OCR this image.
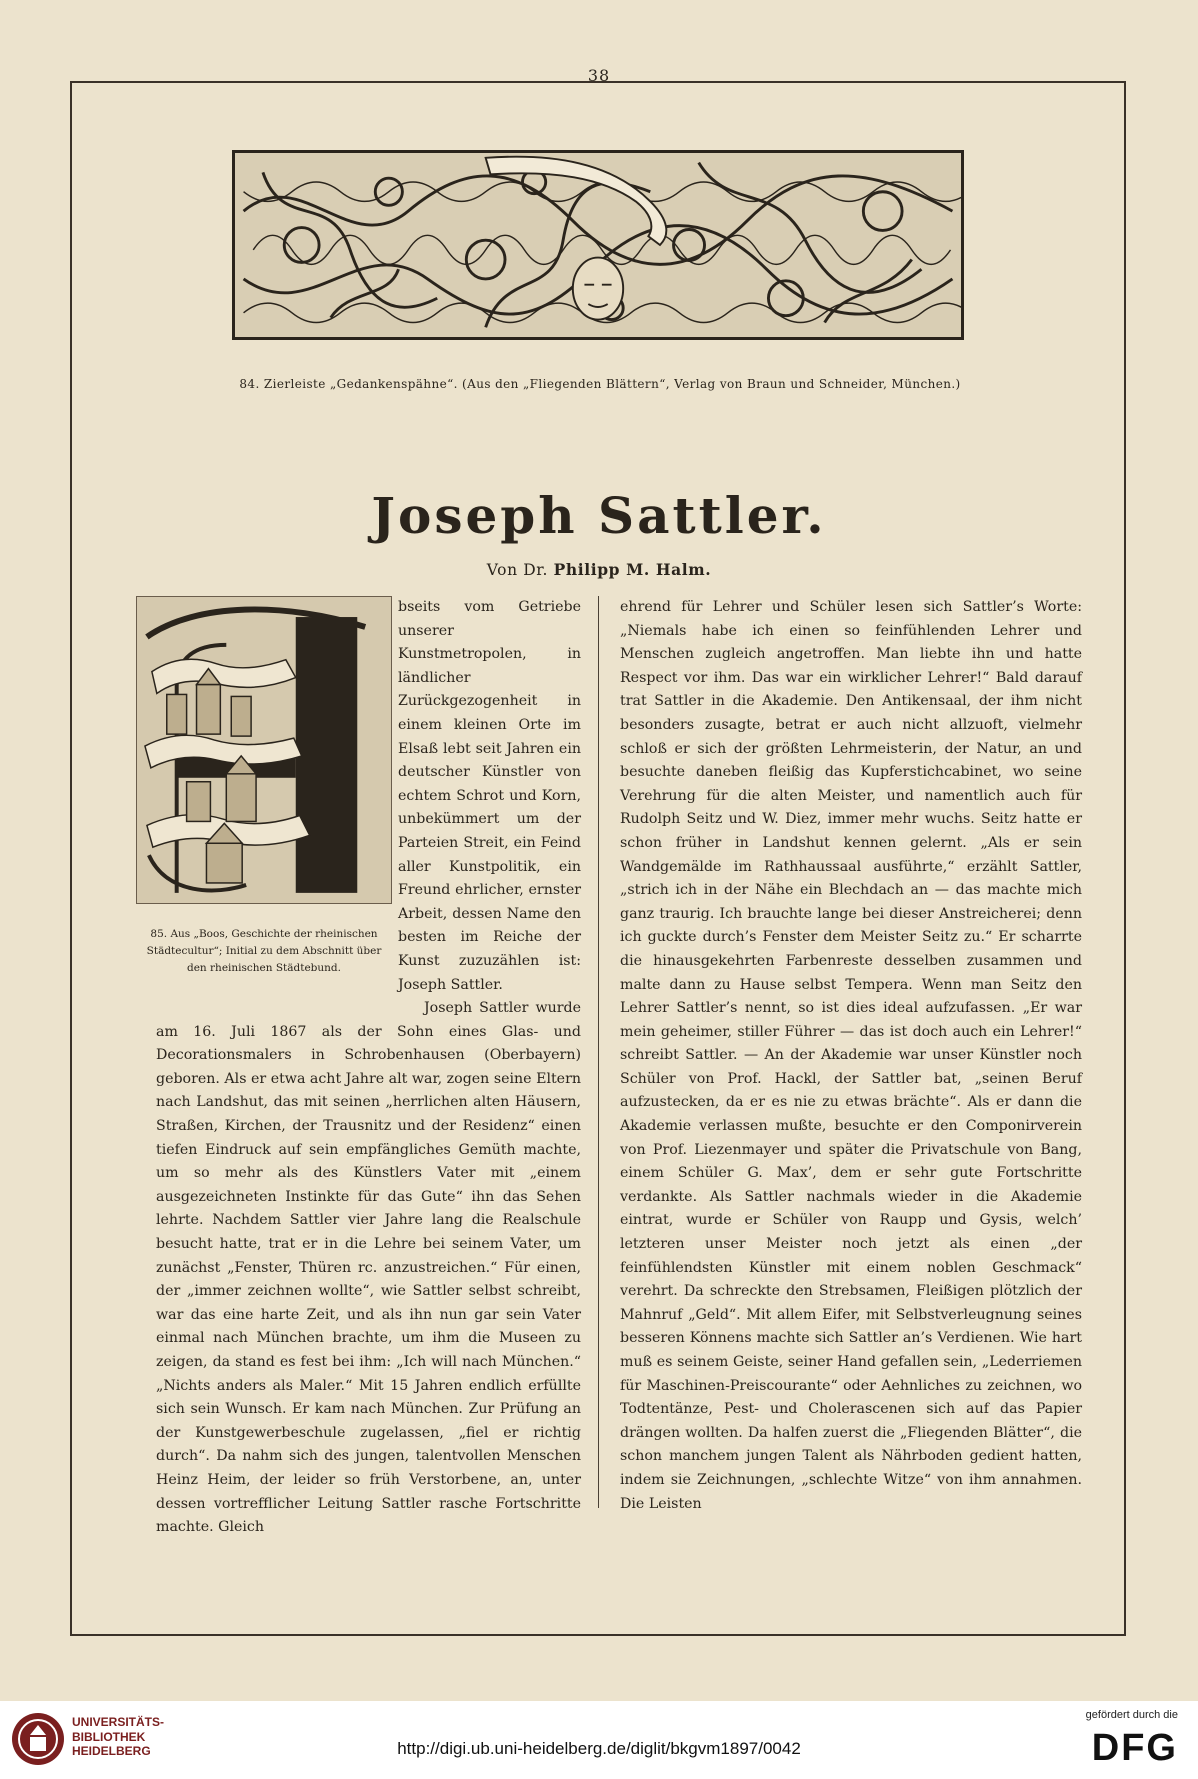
38
84. Zierleiste „Gedankenspähne“. (Aus den „Fliegenden Blättern“, Verlag von Braun und Schneider, München.)
Joseph Sattler.
Von Dr. Philipp M. Halm.
85. Aus „Boos, Geschichte der rheinischen Städtecultur“; Initial zu dem Abschnitt über den rheinischen Städtebund.

bseits vom Getriebe unserer Kunstmetropolen, in ländlicher Zurückgezogenheit in einem kleinen Orte im Elsaß lebt seit Jahren ein deutscher Künstler von echtem Schrot und Korn, unbekümmert um der Parteien Streit, ein Feind aller Kunstpolitik, ein Freund ehrlicher, ernster Arbeit, dessen Name den besten im Reiche der Kunst zuzuzählen ist: Joseph Sattler.

Joseph Sattler wurde am 16. Juli 1867 als der Sohn eines Glas- und Decorationsmalers in Schrobenhausen (Oberbayern) geboren. Als er etwa acht Jahre alt war, zogen seine Eltern nach Landshut, das mit seinen „herrlichen alten Häusern, Straßen, Kirchen, der Trausnitz und der Residenz“ einen tiefen Eindruck auf sein empfängliches Gemüth machte, um so mehr als des Künstlers Vater mit „einem ausgezeichneten Instinkte für das Gute“ ihn das Sehen lehrte. Nachdem Sattler vier Jahre lang die Realschule besucht hatte, trat er in die Lehre bei seinem Vater, um zunächst „Fenster, Thüren rc. anzustreichen.“ Für einen, der „immer zeichnen wollte“, wie Sattler selbst schreibt, war das eine harte Zeit, und als ihn nun gar sein Vater einmal nach München brachte, um ihm die Museen zu zeigen, da stand es fest bei ihm: „Ich will nach München.“ „Nichts anders als Maler.“ Mit 15 Jahren endlich erfüllte sich sein Wunsch. Er kam nach München. Zur Prüfung an der Kunstgewerbeschule zugelassen, „fiel er richtig durch“. Da nahm sich des jungen, talentvollen Menschen Heinz Heim, der leider so früh Verstorbene, an, unter dessen vortrefflicher Leitung Sattler rasche Fortschritte machte. Gleich

ehrend für Lehrer und Schüler lesen sich Sattler’s Worte: „Niemals habe ich einen so feinfühlenden Lehrer und Menschen zugleich angetroffen. Man liebte ihn und hatte Respect vor ihm. Das war ein wirklicher Lehrer!“ Bald darauf trat Sattler in die Akademie. Den Antikensaal, der ihm nicht besonders zusagte, betrat er auch nicht allzuoft, vielmehr schloß er sich der größten Lehrmeisterin, der Natur, an und besuchte daneben fleißig das Kupferstichcabinet, wo seine Verehrung für die alten Meister, und namentlich auch für Rudolph Seitz und W. Diez, immer mehr wuchs. Seitz hatte er schon früher in Landshut kennen gelernt. „Als er sein Wandgemälde im Rathhaussaal ausführte,“ erzählt Sattler, „strich ich in der Nähe ein Blechdach an — das machte mich ganz traurig. Ich brauchte lange bei dieser Anstreicherei; denn ich guckte durch’s Fenster dem Meister Seitz zu.“ Er scharrte die hinausgekehrten Farbenreste desselben zusammen und malte dann zu Hause selbst Tempera. Wenn man Seitz den Lehrer Sattler’s nennt, so ist dies ideal aufzufassen. „Er war mein geheimer, stiller Führer — das ist doch auch ein Lehrer!“ schreibt Sattler. — An der Akademie war unser Künstler noch Schüler von Prof. Hackl, der Sattler bat, „seinen Beruf aufzustecken, da er es nie zu etwas brächte“. Als er dann die Akademie verlassen mußte, besuchte er den Componirverein von Prof. Liezenmayer und später die Privatschule von Bang, einem Schüler G. Max’, dem er sehr gute Fortschritte verdankte. Als Sattler nachmals wieder in die Akademie eintrat, wurde er Schüler von Raupp und Gysis, welch’ letzteren unser Meister noch jetzt als einen „der feinfühlendsten Künstler mit einem noblen Geschmack“ verehrt. Da schreckte den Strebsamen, Fleißigen plötzlich der Mahnruf „Geld“. Mit allem Eifer, mit Selbstverleugnung seines besseren Könnens machte sich Sattler an’s Verdienen. Wie hart muß es seinem Geiste, seiner Hand gefallen sein, „Lederriemen für Maschinen-Preiscourante“ oder Aehnliches zu zeichnen, wo Todtentänze, Pest- und Cholerascenen sich auf das Papier drängen wollten. Da halfen zuerst die „Fliegenden Blätter“, die schon manchem jungen Talent als Nährboden gedient hatten, indem sie Zeichnungen, „schlechte Witze“ von ihm annahmen. Die Leisten

UNIVERSITÄTS-
BIBLIOTHEK
HEIDELBERG	http://digi.ub.uni-heidelberg.de/diglit/bkgvm1897/0042
gefördert durch die
DFG
